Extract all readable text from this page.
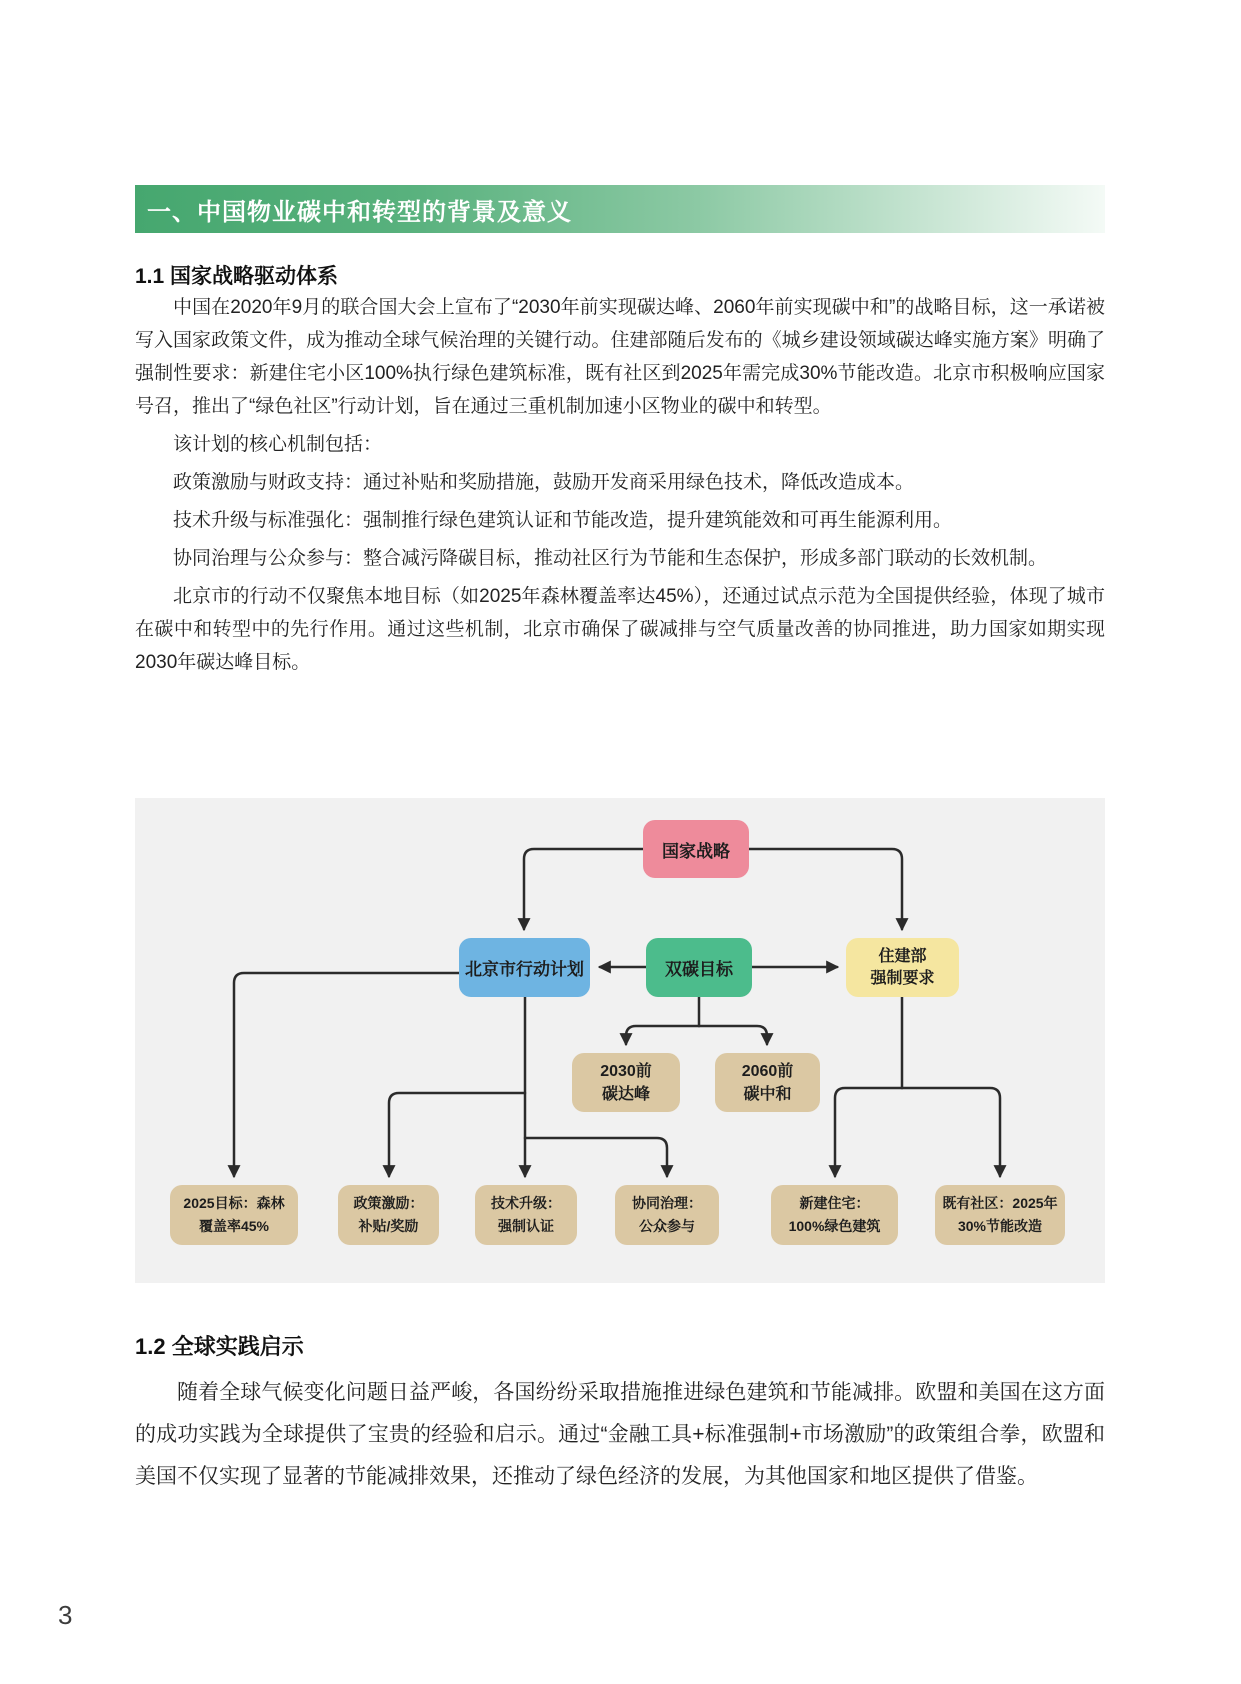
一、中国物业碳中和转型的背景及意义
1.1 国家战略驱动体系

中国在2020年9月的联合国大会上宣布了“2030年前实现碳达峰、2060年前实现碳中和”的战略目标，这一承诺被写入国家政策文件，成为推动全球气候治理的关键行动。住建部随后发布的《城乡建设领域碳达峰实施方案》明确了强制性要求：新建住宅小区100%执行绿色建筑标准，既有社区到2025年需完成30%节能改造。北京市积极响应国家号召，推出了“绿色社区”行动计划，旨在通过三重机制加速小区物业的碳中和转型。

该计划的核心机制包括：

政策激励与财政支持：通过补贴和奖励措施，鼓励开发商采用绿色技术，降低改造成本。

技术升级与标准强化：强制推行绿色建筑认证和节能改造，提升建筑能效和可再生能源利用。

协同治理与公众参与：整合减污降碳目标，推动社区行为节能和生态保护，形成多部门联动的长效机制。

北京市的行动不仅聚焦本地目标（如2025年森林覆盖率达45%），还通过试点示范为全国提供经验，体现了城市在碳中和转型中的先行作用。通过这些机制，北京市确保了碳减排与空气质量改善的协同推进，助力国家如期实现2030年碳达峰目标。

国家战略
北京市行动计划	双碳目标
住建部
强制要求
2030前
碳达峰
2060前
碳中和
2025目标：森林
覆盖率45%
政策激励：
补贴/奖励
技术升级：
强制认证
协同治理：
公众参与
新建住宅：
100%绿色建筑
既有社区：2025年
30%节能改造
1.2 全球实践启示

随着全球气候变化问题日益严峻，各国纷纷采取措施推进绿色建筑和节能减排。欧盟和美国在这方面的成功实践为全球提供了宝贵的经验和启示。通过“金融工具+标准强制+市场激励”的政策组合拳，欧盟和美国不仅实现了显著的节能减排效果，还推动了绿色经济的发展，为其他国家和地区提供了借鉴。

3
